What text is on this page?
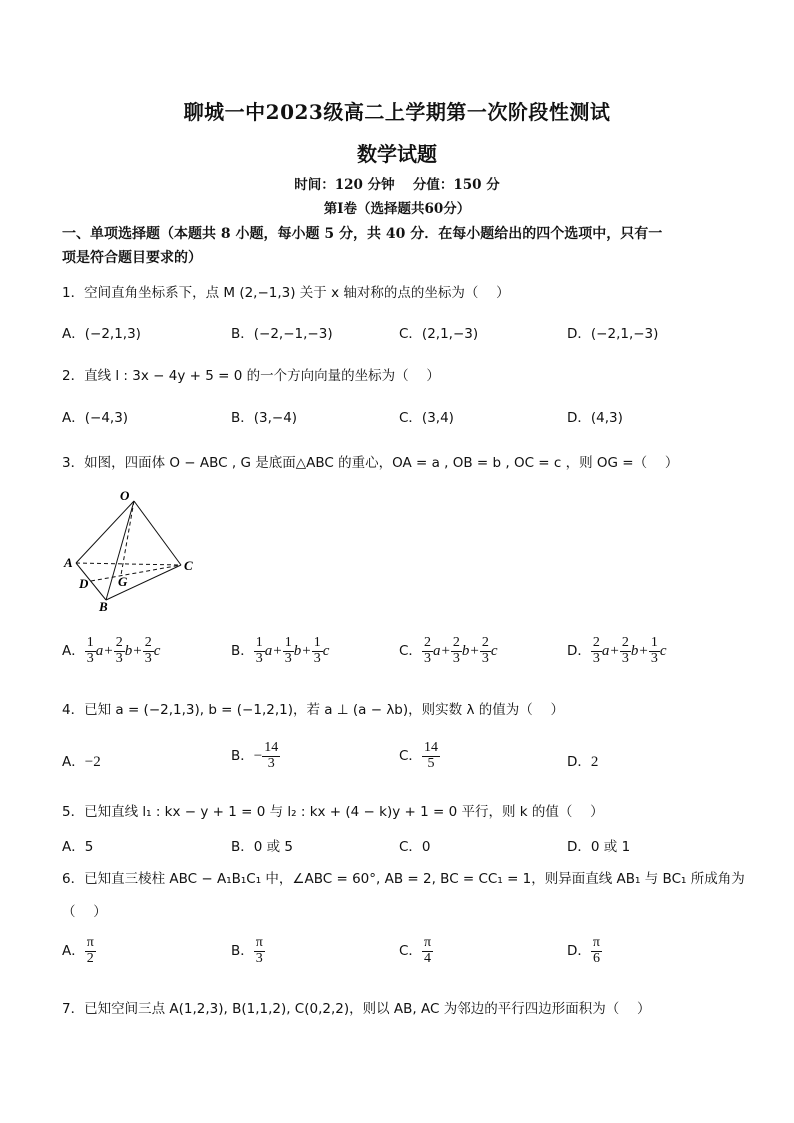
聊城一中2023级高二上学期第一次阶段性测试
数学试题
时间：120 分钟　 分值：150 分
第Ⅰ卷（选择题共60分）
一、单项选择题（本题共 8 小题，每小题 5 分，共 40 分．在每小题给出的四个选项中，只有一
项是符合题目要求的）
1．空间直角坐标系下，点 M (2,−1,3) 关于 x 轴对称的点的坐标为（　 ）
A．(−2,1,3)	B．(−2,−1,−3)	C．(2,1,−3)	D．(−2,1,−3)
2．直线 l : 3x − 4y + 5 = 0 的一个方向向量的坐标为（　 ）
A．(−4,3)	B．(3,−4)	C．(3,4)	D．(4,3)
3．如图，四面体 O − ABC , G 是底面△ABC 的重心，OA = a , OB = b , OC = c ，则 OG =（　 ）
O
A
D G
C
B
A． $\frac{1}{3} a+ \frac{2}{3} b+ \frac{2}{3}$ c	B． $\frac{1}{3} a+ \frac{1}{3} b+ \frac{1}{3}$ c	C． $\frac{2}{3} a+ \frac{2}{3} b+ \frac{2}{3}$ c	D． $\frac{2}{3} a+ \frac{2}{3} b+ \frac{1}{3}$ c
4．已知 a = (−2,1,3), b = (−1,2,1)，若 a ⊥ (a − λb)，则实数 λ 的值为（　 ）
A．−2	B．− $\frac{14}{3}$	C． $\frac{14}{5}$	D．2
5．已知直线 l₁ : kx − y + 1 = 0 与 l₂ : kx + (4 − k)y + 1 = 0 平行，则 k 的值（　 ）
A．5	B．0 或 5	C．0	D．0 或 1
6．已知直三棱柱 ABC − A₁B₁C₁ 中，∠ABC = 60°, AB = 2, BC = CC₁ = 1，则异面直线 AB₁ 与 BC₁ 所成角为
（　 ）
A． $\frac{\pi}{2}$	B． $\frac{\pi}{3}$	C． $\frac{\pi}{4}$	D． $\frac{\pi}{6}$
7．已知空间三点 A(1,2,3), B(1,1,2), C(0,2,2)，则以 AB, AC 为邻边的平行四边形面积为（　 ）
